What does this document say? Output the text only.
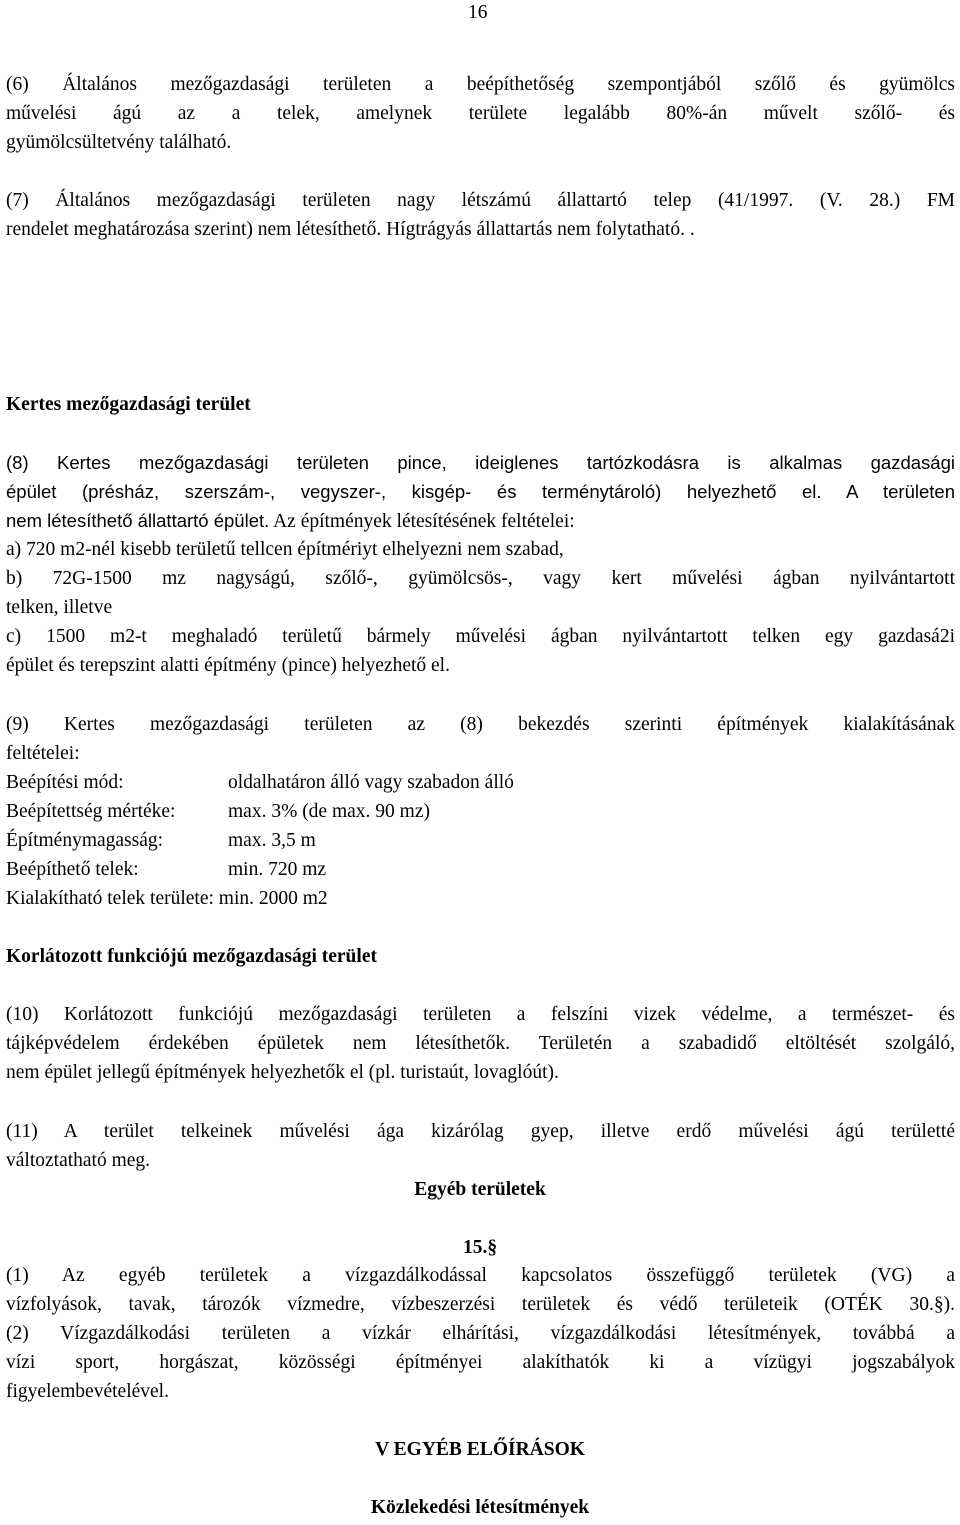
16
(6) Általános mezőgazdasági területen a beépíthetőség szempontjából szőlő és gyümölcs
művelési ágú az a telek, amelynek területe legalább 80%-án művelt szőlő- és
gyümölcsültetvény található.
(7) Általános mezőgazdasági területen nagy létszámú állattartó telep (41/1997. (V. 28.) FM
rendelet meghatározása szerint) nem létesíthető. Hígtrágyás állattartás nem folytatható. .
Kertes mezőgazdasági terület
(8) Kertes mezőgazdasági területen pince, ideiglenes tartózkodásra is alkalmas gazdasági
épület (présház, szerszám-, vegyszer-, kisgép- és terménytároló) helyezhető el. A területen
nem létesíthető állattartó épület. Az építmények létesítésének feltételei:
a) 720 m2-nél kisebb területű tellcen építmériyt elhelyezni nem szabad,
b) 72G-1500 mz nagyságú, szőlő-, gyümölcsös-, vagy kert művelési ágban nyilvántartott
telken, illetve
c) 1500 m2-t meghaladó területű bármely művelési ágban nyilvántartott telken egy gazdasá2i
épület és terepszint alatti építmény (pince) helyezhető el.
(9) Kertes mezőgazdasági területen az (8) bekezdés szerinti építmények kialakításának
feltételei:
Beépítési mód:	oldalhatáron álló vagy szabadon álló
Beépítettség mértéke:	max. 3% (de max. 90 mz)
Építménymagasság:	max. 3,5 m
Beépíthető telek:	min. 720 mz
Kialakítható telek területe: min. 2000 m2
Korlátozott funkciójú mezőgazdasági terület
(10) Korlátozott funkciójú mezőgazdasági területen a felszíni vizek védelme, a természet- és
tájképvédelem érdekében épületek nem létesíthetők. Területén a szabadidő eltöltését szolgáló,
nem épület jellegű építmények helyezhetők el (pl. turistaút, lovaglóút).
(11) A terület telkeinek művelési ága kizárólag gyep, illetve erdő művelési ágú területté
változtatható meg.
Egyéb területek
15.§
(1) Az egyéb területek a vízgazdálkodással kapcsolatos összefüggő területek (VG) a
vízfolyások, tavak, tározók vízmedre, vízbeszerzési területek és védő területeik (OTÉK 30.§).
(2) Vízgazdálkodási területen a vízkár elhárítási, vízgazdálkodási létesítmények, továbbá a
vízi sport, horgászat, közösségi építményei alakíthatók ki a vízügyi jogszabályok
figyelembevételével.
V EGYÉB ELŐÍRÁSOK
Közlekedési létesítmények
